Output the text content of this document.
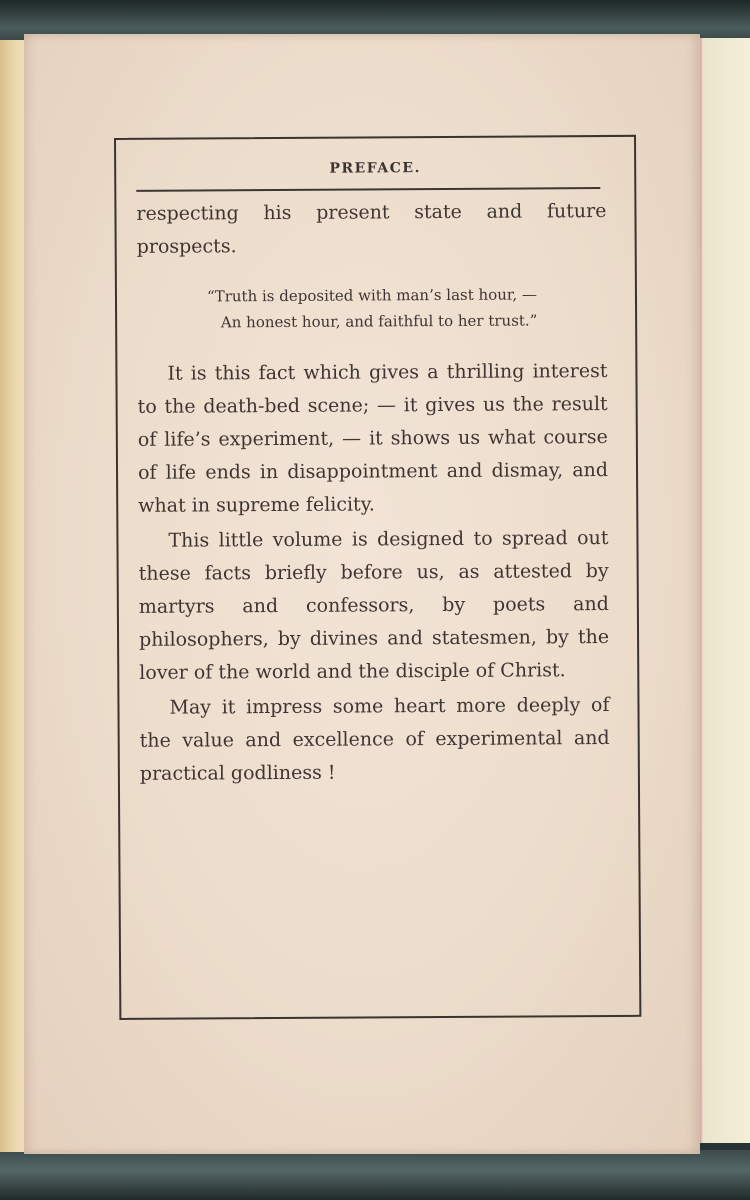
PREFACE.

respecting his present state and future prospects.

“Truth is deposited with man’s last hour, —
An honest hour, and faithful to her trust.”

It is this fact which gives a thrilling interest to the death-bed scene; — it gives us the result of life’s experiment, — it shows us what course of life ends in disappointment and dismay, and what in supreme felicity.

This little volume is designed to spread out these facts briefly before us, as attested by martyrs and confessors, by poets and philosophers, by divines and statesmen, by the lover of the world and the disciple of Christ.

May it impress some heart more deeply of the value and excellence of experimental and practical godliness !
